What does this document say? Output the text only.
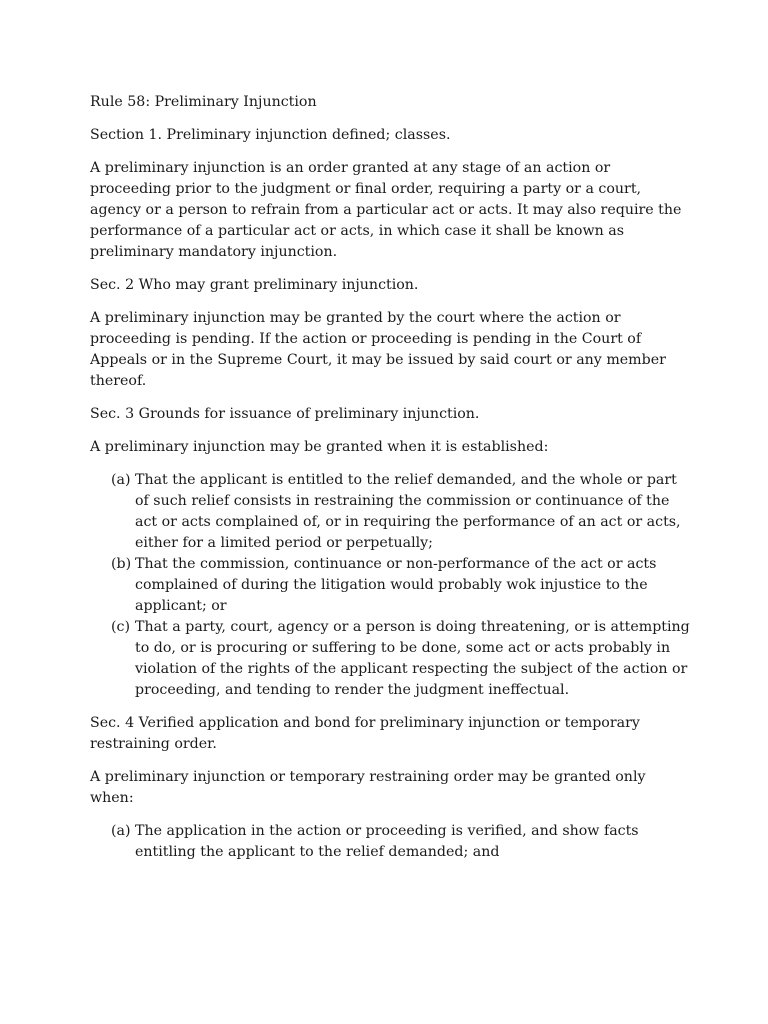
Rule 58: Preliminary Injunction

Section 1. Preliminary injunction defined; classes.

A preliminary injunction is an order granted at any stage of an action or proceeding prior to the judgment or final order, requiring a party or a court, agency or a person to refrain from a particular act or acts. It may also require the performance of a particular act or acts, in which case it shall be known as preliminary mandatory injunction.

Sec. 2 Who may grant preliminary injunction.

A preliminary injunction may be granted by the court where the action or proceeding is pending. If the action or proceeding is pending in the Court of Appeals or in the Supreme Court, it may be issued by said court or any member thereof.

Sec. 3 Grounds for issuance of preliminary injunction.

A preliminary injunction may be granted when it is established:

(a) That the applicant is entitled to the relief demanded, and the whole or part of such relief consists in restraining the commission or continuance of the act or acts complained of, or in requiring the performance of an act or acts, either for a limited period or perpetually;
(b) That the commission, continuance or non-performance of the act or acts complained of during the litigation would probably wok injustice to the applicant; or
(c) That a party, court, agency or a person is doing threatening, or is attempting to do, or is procuring or suffering to be done, some act or acts probably in violation of the rights of the applicant respecting the subject of the action or proceeding, and tending to render the judgment ineffectual.

Sec. 4 Verified application and bond for preliminary injunction or temporary restraining order.

A preliminary injunction or temporary restraining order may be granted only when:

(a) The application in the action or proceeding is verified, and show facts entitling the applicant to the relief demanded; and
